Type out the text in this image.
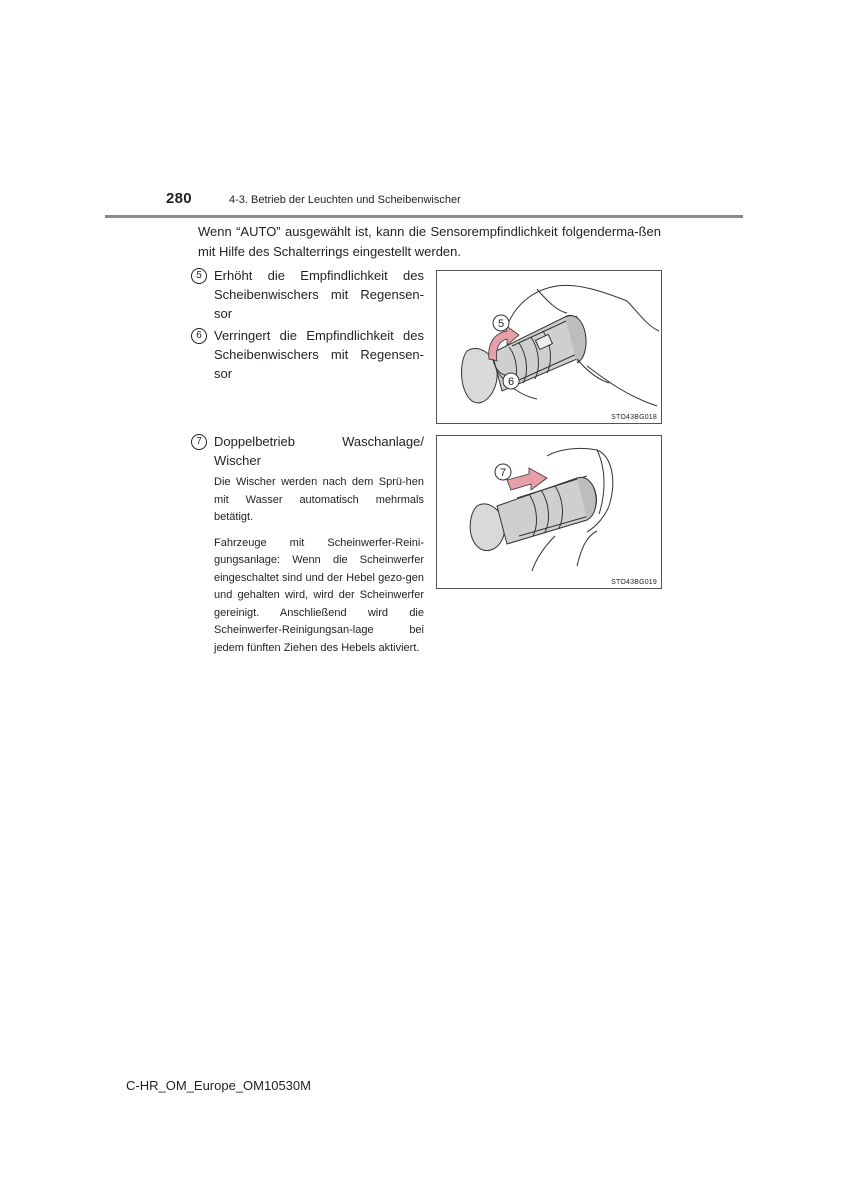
280	4-3. Betrieb der Leuchten und Scheibenwischer

Wenn “AUTO” ausgewählt ist, kann die Sensorempfindlichkeit folgenderma-ßen mit Hilfe des Schalterrings eingestellt werden.

5 Erhöht die Empfindlichkeit des Scheibenwischers mit Regensen-sor
6 Verringert die Empfindlichkeit des Scheibenwischers mit Regensen-sor
7 Doppelbetrieb Waschanlage/ Wischer
Die Wischer werden nach dem Sprü-hen mit Wasser automatisch mehrmals betätigt.
Fahrzeuge mit Scheinwerfer-Reini-gungsanlage: Wenn die Scheinwerfer eingeschaltet sind und der Hebel gezo-gen und gehalten wird, wird der Scheinwerfer gereinigt. Anschließend wird die Scheinwerfer-Reinigungsan-lage bei jedem fünften Ziehen des Hebels aktiviert.
5
6
STO43BG018
7
STO43BG019
C-HR_OM_Europe_OM10530M
